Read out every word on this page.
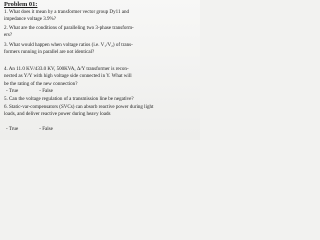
Problem 01:
1. What does it mean by a transformer vector group Dy11 and
impedance voltage 3.9%?
2. What are the conditions of paralleling two 3-phase transform-
ers?
3. What would happen when voltage ratios (i.e. V₁/V₂) of trans-
formers running in parallel are not identical?
4. An 11.0 KV/433.0 KV, 500KVA, Δ/Y transformer is recon-
nected as Y/Y with high voltage side connected in Y. What will
be the rating of the new connection?
- True	- False
5. Can the voltage regulation of a transmission line be negative?
6. Static-var-compensators (SVCs) can absorb reactive power during light
loads, and deliver reactive power during heavy loads
- True	- False
